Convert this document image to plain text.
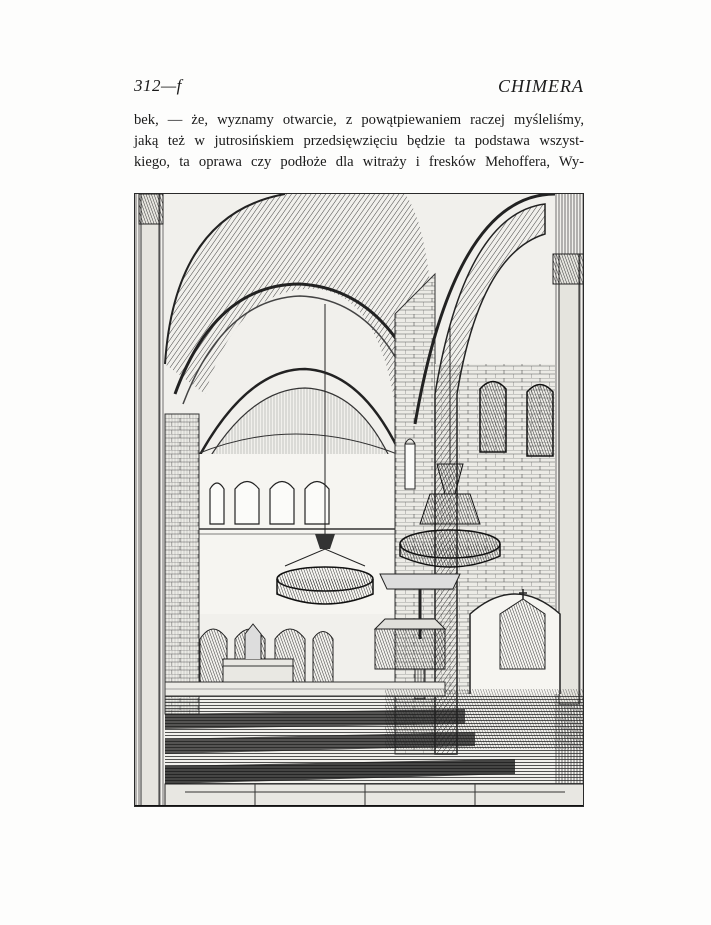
312—f	CHIMERA
bek, — że, wyznamy otwarcie, z powątpiewaniem raczej myśleliśmy,
jaką też w jutrosińskiem przedsięwzięciu będzie ta podstawa wszyst-
kiego, ta oprawa czy podłoże dla witraży i fresków Mehoffera, Wy-
